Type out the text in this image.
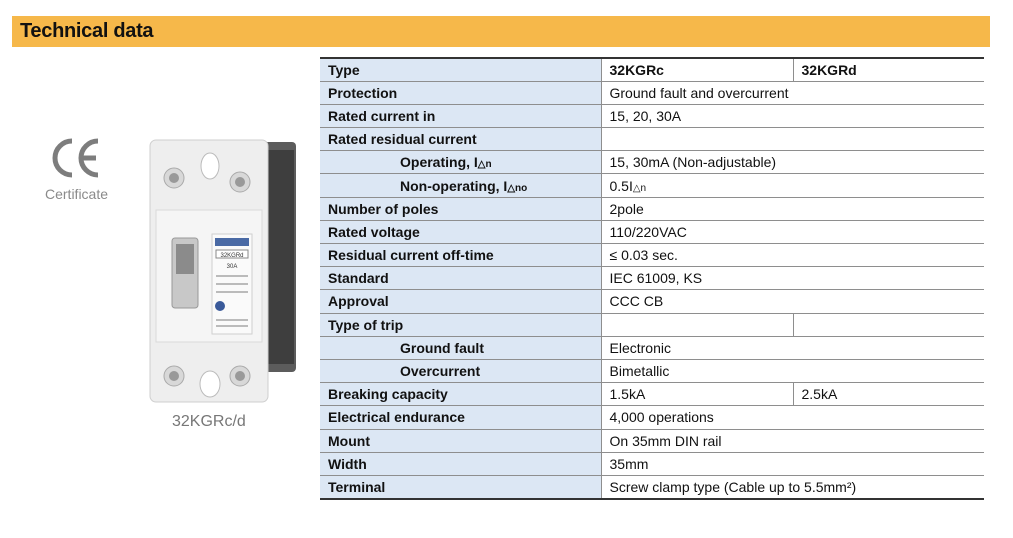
Technical data
Certificate
32KGRd
30A
32KGRc/d
Type	32KGRc	32KGRd
Protection	Ground fault and overcurrent	
Rated current in	15, 20, 30A	
Rated residual current		
Operating, I△n	15, 30mA (Non-adjustable)	
Non-operating, I△no	0.5I△n	
Number of poles	2pole	
Rated voltage	110/220VAC	
Residual current off-time	≤ 0.03 sec.	
Standard	IEC 61009, KS	
Approval	CCC CB	
Type of trip		
Ground fault	Electronic	
Overcurrent	Bimetallic	
Breaking capacity	1.5kA	2.5kA
Electrical endurance	4,000 operations	
Mount	On 35mm DIN rail	
Width	35mm	
Terminal	Screw clamp type (Cable up to 5.5mm²)	
